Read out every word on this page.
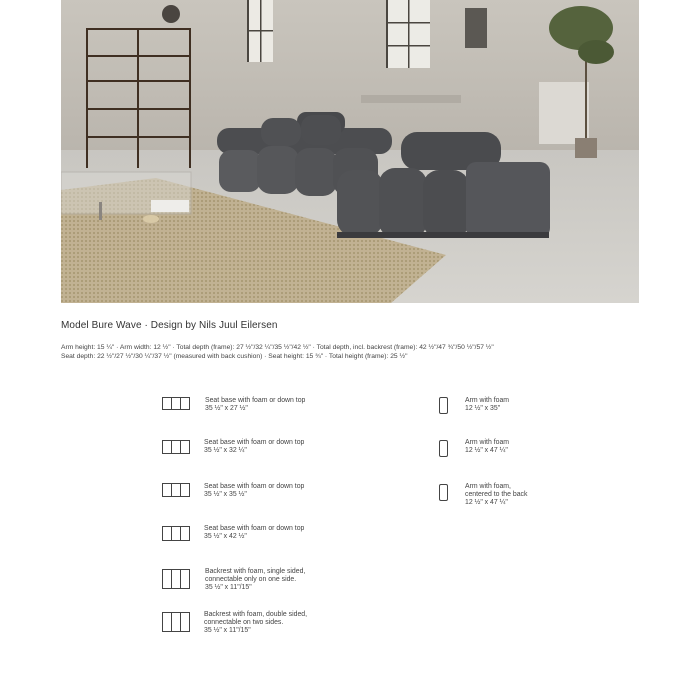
Model Bure Wave · Design by Nils Juul Eilersen
Arm height: 15 ¼" · Arm width: 12 ½" · Total depth (frame): 27 ½"/32 ¼"/35 ½"/42 ½" · Total depth, incl. backrest (frame): 42 ½"/47 ¾"/50 ½"/57 ½"
Seat depth: 22 ½"/27 ½"/30 ¼"/37 ½" (measured with back cushion) · Seat height: 15 ¾" · Total height (frame): 25 ½"
Seat base with foam or down top
35 ½" x 27 ½"
Seat base with foam or down top
35 ½" x 32 ¼"
Seat base with foam or down top
35 ½" x 35 ½"
Seat base with foam or down top
35 ½" x 42 ½"
Backrest with foam, single sided,
connectable only on one side.
35 ½" x 11"/15"
Backrest with foam, double sided,
connectable on two sides.
35 ½" x 11"/15"
Arm with foam
12 ½" x 35"
Arm with foam
12 ½" x 47 ¼"
Arm with foam,
centered to the back
12 ½" x 47 ¼"
